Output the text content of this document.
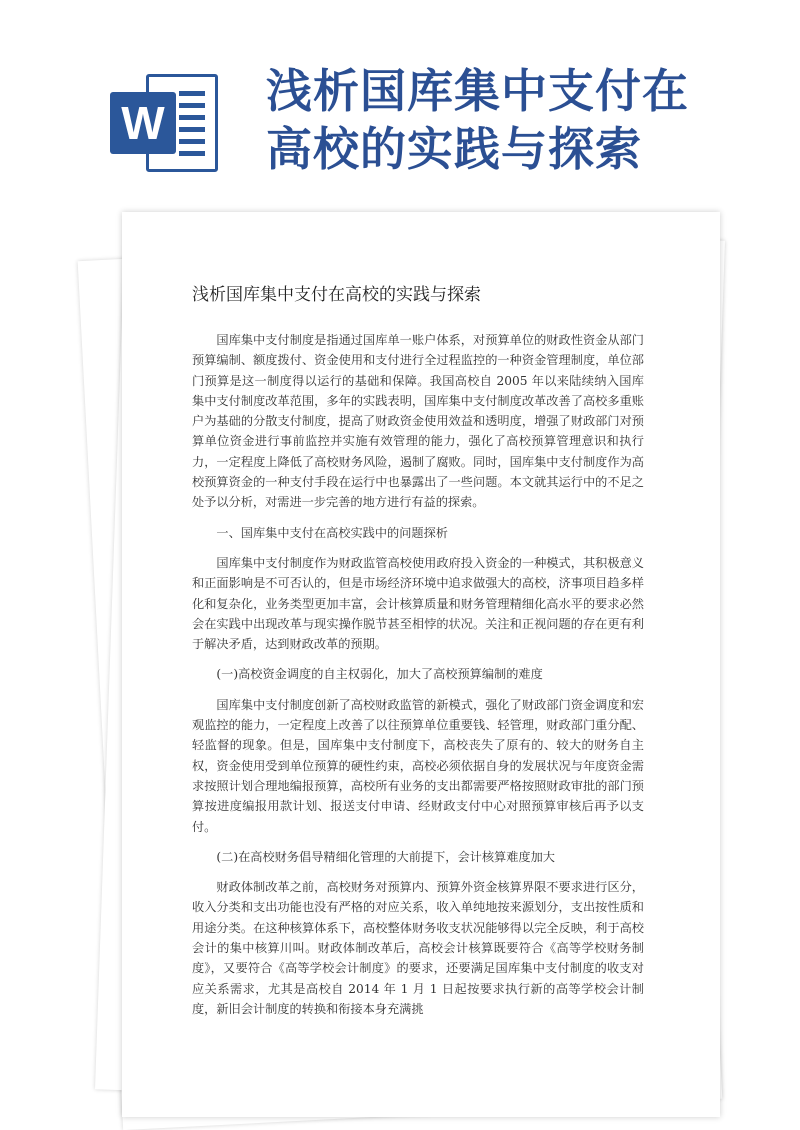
W
浅析国库集中支付在高校的实践与探索
浅析国库集中支付在高校的实践与探索

国库集中支付制度是指通过国库单一账户体系，对预算单位的财政性资金从部门预算编制、额度拨付、资金使用和支付进行全过程监控的一种资金管理制度，单位部门预算是这一制度得以运行的基础和保障。我国高校自 2005 年以来陆续纳入国库集中支付制度改革范围，多年的实践表明，国库集中支付制度改革改善了高校多重账户为基础的分散支付制度，提高了财政资金使用效益和透明度，增强了财政部门对预算单位资金进行事前监控并实施有效管理的能力，强化了高校预算管理意识和执行力，一定程度上降低了高校财务风险，遏制了腐败。同时，国库集中支付制度作为高校预算资金的一种支付手段在运行中也暴露出了一些问题。本文就其运行中的不足之处予以分析，对需进一步完善的地方进行有益的探索。

一、国库集中支付在高校实践中的问题探析

国库集中支付制度作为财政监管高校使用政府投入资金的一种模式，其积极意义和正面影响是不可否认的，但是市场经济环境中追求做强大的高校，济事项目趋多样化和复杂化，业务类型更加丰富，会计核算质量和财务管理精细化高水平的要求必然会在实践中出现改革与现实操作脱节甚至相悖的状况。关注和正视问题的存在更有利于解决矛盾，达到财政改革的预期。

(一)高校资金调度的自主权弱化，加大了高校预算编制的难度

国库集中支付制度创新了高校财政监管的新模式，强化了财政部门资金调度和宏观监控的能力，一定程度上改善了以往预算单位重要钱、轻管理，财政部门重分配、轻监督的现象。但是，国库集中支付制度下，高校丧失了原有的、较大的财务自主权，资金使用受到单位预算的硬性约束，高校必须依据自身的发展状况与年度资金需求按照计划合理地编报预算，高校所有业务的支出都需要严格按照财政审批的部门预算按进度编报用款计划、报送支付申请、经财政支付中心对照预算审核后再予以支付。

(二)在高校财务倡导精细化管理的大前提下，会计核算难度加大

财政体制改革之前，高校财务对预算内、预算外资金核算界限不要求进行区分，收入分类和支出功能也没有严格的对应关系，收入单纯地按来源划分，支出按性质和用途分类。在这种核算体系下，高校整体财务收支状况能够得以完全反映，利于高校会计的集中核算川叫。财政体制改革后，高校会计核算既要符合《高等学校财务制度》，又要符合《高等学校会计制度》的要求，还要满足国库集中支付制度的收支对应关系需求，尤其是高校自 2014 年 1 月 1 日起按要求执行新的高等学校会计制度，新旧会计制度的转换和衔接本身充满挑
